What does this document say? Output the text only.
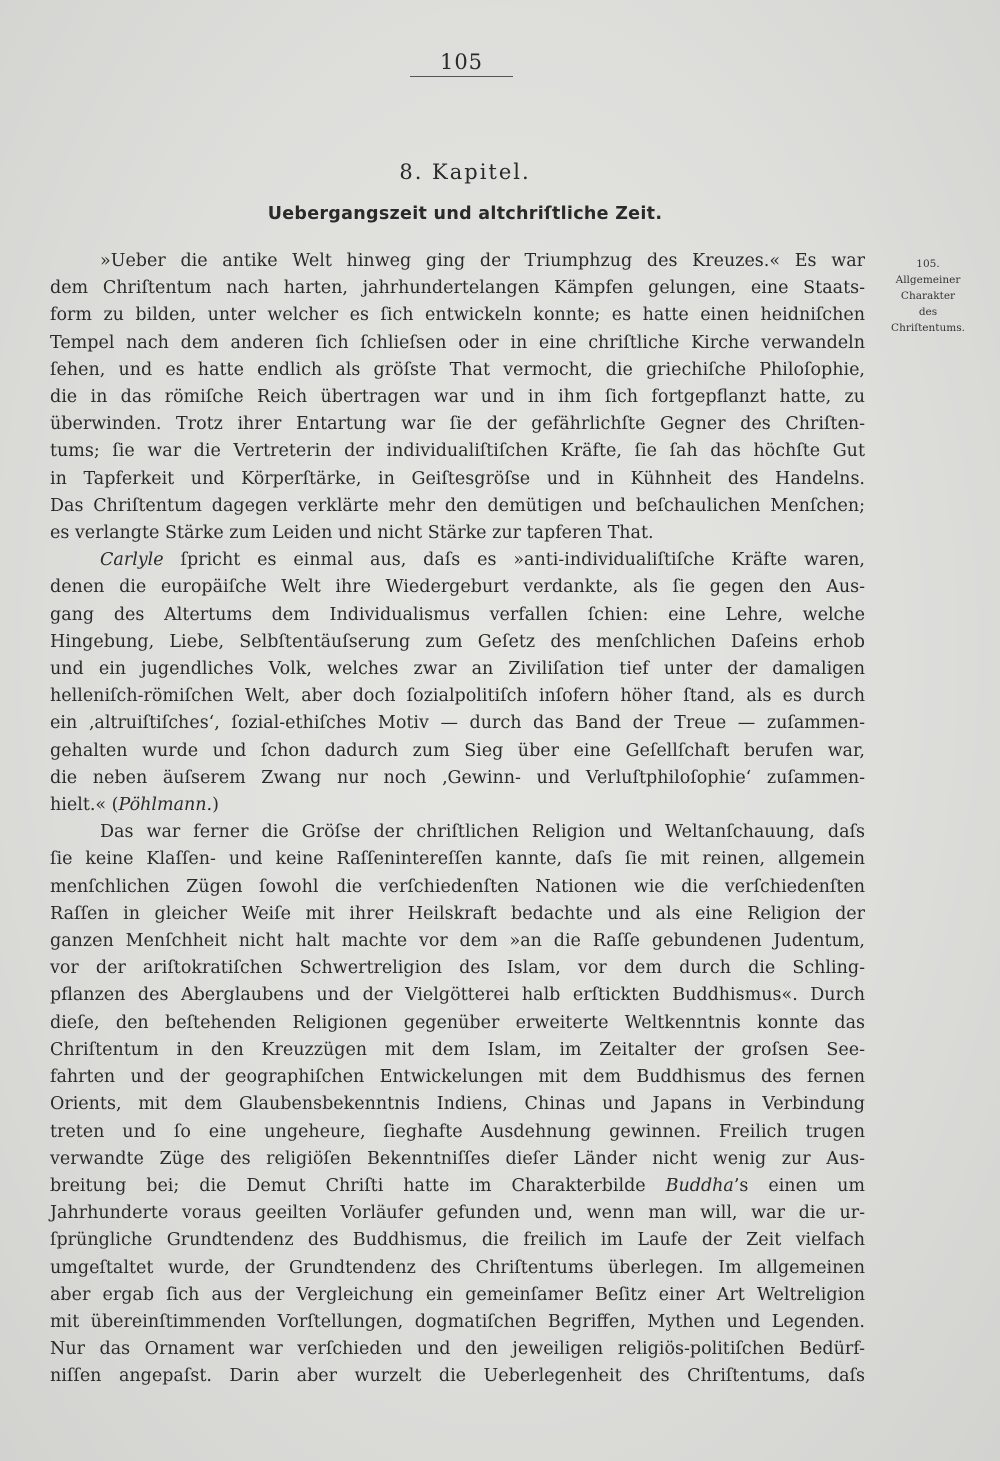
105
8. Kapitel.
Uebergangszeit und altchriſtliche Zeit.
105.
Allgemeiner
Charakter
des
Chriſtentums.

»Ueber die antike Welt hinweg ging der Triumphzug des Kreuzes.« Es war
dem Chriſtentum nach harten, jahrhundertelangen Kämpfen gelungen, eine Staats-
form zu bilden, unter welcher es ſich entwickeln konnte; es hatte einen heidniſchen
Tempel nach dem anderen ſich ſchlieſsen oder in eine chriſtliche Kirche verwandeln
ſehen, und es hatte endlich als gröſste That vermocht, die griechiſche Philoſophie,
die in das römiſche Reich übertragen war und in ihm ſich fortgepflanzt hatte, zu
überwinden. Trotz ihrer Entartung war ſie der gefährlichſte Gegner des Chriſten-
tums; ſie war die Vertreterin der individualiſtiſchen Kräfte, ſie ſah das höchſte Gut
in Tapferkeit und Körperſtärke, in Geiſtesgröſse und in Kühnheit des Handelns.
Das Chriſtentum dagegen verklärte mehr den demütigen und beſchaulichen Menſchen;
es verlangte Stärke zum Leiden und nicht Stärke zur tapferen That.

Carlyle ſpricht es einmal aus, daſs es »anti-individualiſtiſche Kräfte waren,
denen die europäiſche Welt ihre Wiedergeburt verdankte, als ſie gegen den Aus-
gang des Altertums dem Individualismus verfallen ſchien: eine Lehre, welche
Hingebung, Liebe, Selbſtentäuſserung zum Geſetz des menſchlichen Daſeins erhob
und ein jugendliches Volk, welches zwar an Ziviliſation tief unter der damaligen
helleniſch-römiſchen Welt, aber doch ſozialpolitiſch inſofern höher ſtand, als es durch
ein ‚altruiſtiſches‘, ſozial-ethiſches Motiv — durch das Band der Treue — zuſammen-
gehalten wurde und ſchon dadurch zum Sieg über eine Geſellſchaft berufen war,
die neben äuſserem Zwang nur noch ‚Gewinn- und Verluſtphiloſophie‘ zuſammen-
hielt.« (Pöhlmann.)

Das war ferner die Gröſse der chriſtlichen Religion und Weltanſchauung, daſs
ſie keine Klaſſen- und keine Raſſenintereſſen kannte, daſs ſie mit reinen, allgemein
menſchlichen Zügen ſowohl die verſchiedenſten Nationen wie die verſchiedenſten
Raſſen in gleicher Weiſe mit ihrer Heilskraft bedachte und als eine Religion der
ganzen Menſchheit nicht halt machte vor dem »an die Raſſe gebundenen Judentum,
vor der ariſtokratiſchen Schwertreligion des Islam, vor dem durch die Schling-
pflanzen des Aberglaubens und der Vielgötterei halb erſtickten Buddhismus«. Durch
dieſe, den beſtehenden Religionen gegenüber erweiterte Weltkenntnis konnte das
Chriſtentum in den Kreuzzügen mit dem Islam, im Zeitalter der groſsen See-
fahrten und der geographiſchen Entwickelungen mit dem Buddhismus des fernen
Orients, mit dem Glaubensbekenntnis Indiens, Chinas und Japans in Verbindung
treten und ſo eine ungeheure, ſieghafte Ausdehnung gewinnen. Freilich trugen
verwandte Züge des religiöſen Bekenntniſſes dieſer Länder nicht wenig zur Aus-
breitung bei; die Demut Chriſti hatte im Charakterbilde Buddha’s einen um
Jahrhunderte voraus geeilten Vorläufer gefunden und, wenn man will, war die ur-
ſprüngliche Grundtendenz des Buddhismus, die freilich im Laufe der Zeit vielfach
umgeſtaltet wurde, der Grundtendenz des Chriſtentums überlegen. Im allgemeinen
aber ergab ſich aus der Vergleichung ein gemeinſamer Beſitz einer Art Weltreligion
mit übereinſtimmenden Vorſtellungen, dogmatiſchen Begriffen, Mythen und Legenden.
Nur das Ornament war verſchieden und den jeweiligen religiös-politiſchen Bedürf-
niſſen angepaſst. Darin aber wurzelt die Ueberlegenheit des Chriſtentums, daſs
